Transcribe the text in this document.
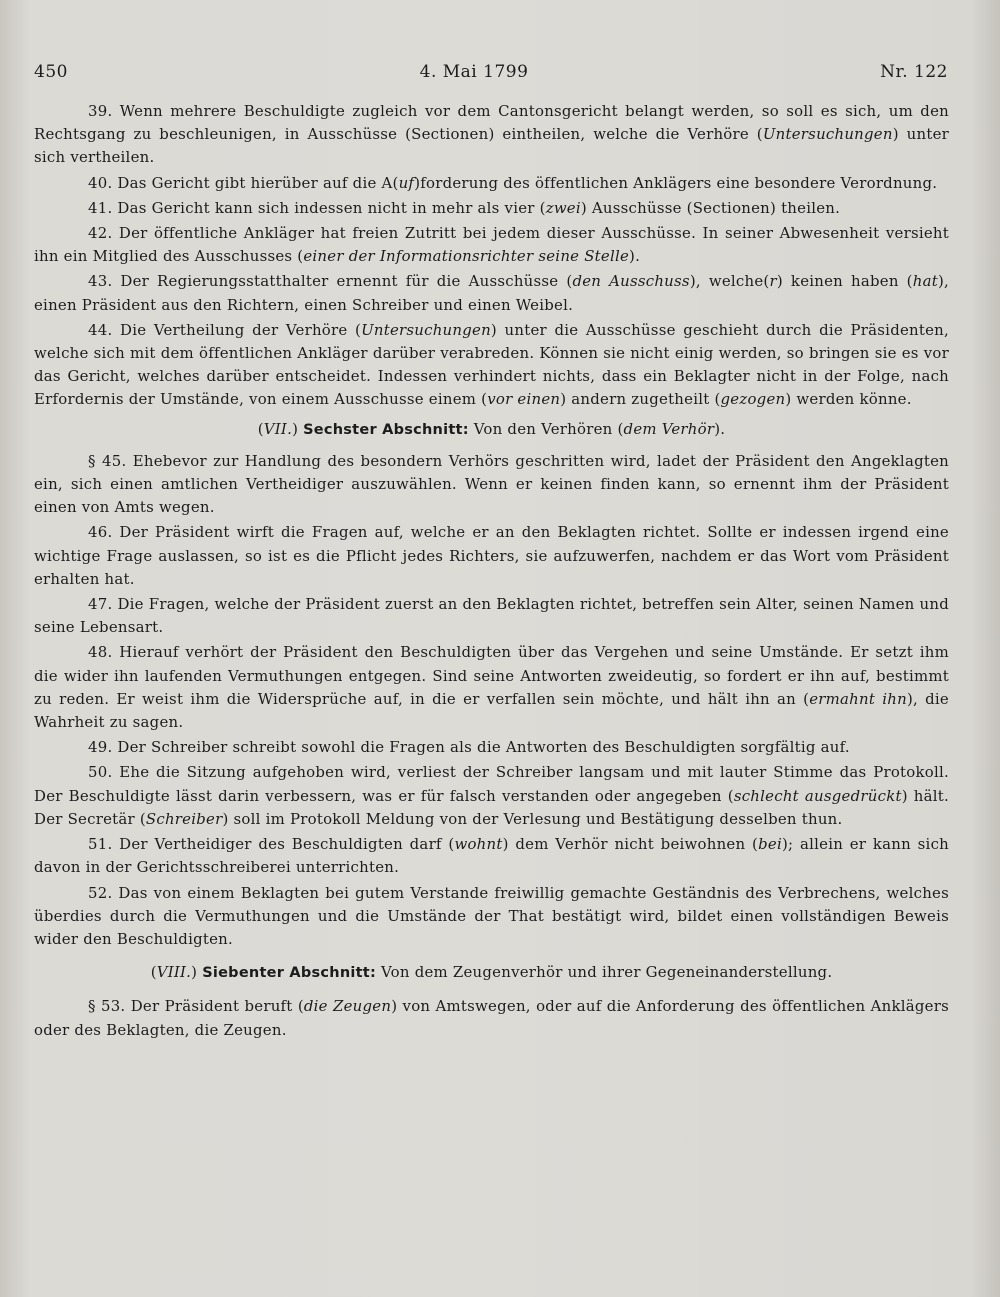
450	4. Mai 1799	Nr. 122

39. Wenn mehrere Beschuldigte zugleich vor dem Cantonsgericht belangt werden, so soll es sich, um den Rechtsgang zu beschleunigen, in Ausschüsse (Sectionen) eintheilen, welche die Verhöre (Untersuchungen) unter sich vertheilen.

40. Das Gericht gibt hierüber auf die A(uf)forderung des öffentlichen Anklägers eine besondere Verordnung.

41. Das Gericht kann sich indessen nicht in mehr als vier (zwei) Ausschüsse (Sectionen) theilen.

42. Der öffentliche Ankläger hat freien Zutritt bei jedem dieser Ausschüsse. In seiner Abwesenheit versieht ihn ein Mitglied des Ausschusses (einer der Informationsrichter seine Stelle).

43. Der Regierungsstatthalter ernennt für die Ausschüsse (den Ausschuss), welche(r) keinen haben (hat), einen Präsident aus den Richtern, einen Schreiber und einen Weibel.

44. Die Vertheilung der Verhöre (Untersuchungen) unter die Ausschüsse geschieht durch die Präsidenten, welche sich mit dem öffentlichen Ankläger darüber verabreden. Können sie nicht einig werden, so bringen sie es vor das Gericht, welches darüber entscheidet. Indessen verhindert nichts, dass ein Beklagter nicht in der Folge, nach Erfordernis der Umstände, von einem Ausschusse einem (vor einen) andern zugetheilt (gezogen) werden könne.

(VII.) Sechster Abschnitt: Von den Verhören (dem Verhör).

§ 45. Ehebevor zur Handlung des besondern Verhörs geschritten wird, ladet der Präsident den Angeklagten ein, sich einen amtlichen Vertheidiger auszuwählen. Wenn er keinen finden kann, so ernennt ihm der Präsident einen von Amts wegen.

46. Der Präsident wirft die Fragen auf, welche er an den Beklagten richtet. Sollte er indessen irgend eine wichtige Frage auslassen, so ist es die Pflicht jedes Richters, sie aufzuwerfen, nachdem er das Wort vom Präsident erhalten hat.

47. Die Fragen, welche der Präsident zuerst an den Beklagten richtet, betreffen sein Alter, seinen Namen und seine Lebensart.

48. Hierauf verhört der Präsident den Beschuldigten über das Vergehen und seine Umstände. Er setzt ihm die wider ihn laufenden Vermuthungen entgegen. Sind seine Antworten zweideutig, so fordert er ihn auf, bestimmt zu reden. Er weist ihm die Widersprüche auf, in die er verfallen sein möchte, und hält ihn an (ermahnt ihn), die Wahrheit zu sagen.

49. Der Schreiber schreibt sowohl die Fragen als die Antworten des Beschuldigten sorgfältig auf.

50. Ehe die Sitzung aufgehoben wird, verliest der Schreiber langsam und mit lauter Stimme das Protokoll. Der Beschuldigte lässt darin verbessern, was er für falsch verstanden oder angegeben (schlecht ausgedrückt) hält. Der Secretär (Schreiber) soll im Protokoll Meldung von der Verlesung und Bestätigung desselben thun.

51. Der Vertheidiger des Beschuldigten darf (wohnt) dem Verhör nicht beiwohnen (bei); allein er kann sich davon in der Gerichtsschreiberei unterrichten.

52. Das von einem Beklagten bei gutem Verstande freiwillig gemachte Geständnis des Verbrechens, welches überdies durch die Vermuthungen und die Umstände der That bestätigt wird, bildet einen vollständigen Beweis wider den Beschuldigten.

(VIII.) Siebenter Abschnitt: Von dem Zeugenverhör und ihrer Gegeneinanderstellung.

§ 53. Der Präsident beruft (die Zeugen) von Amtswegen, oder auf die Anforderung des öffentlichen Anklägers oder des Beklagten, die Zeugen.
